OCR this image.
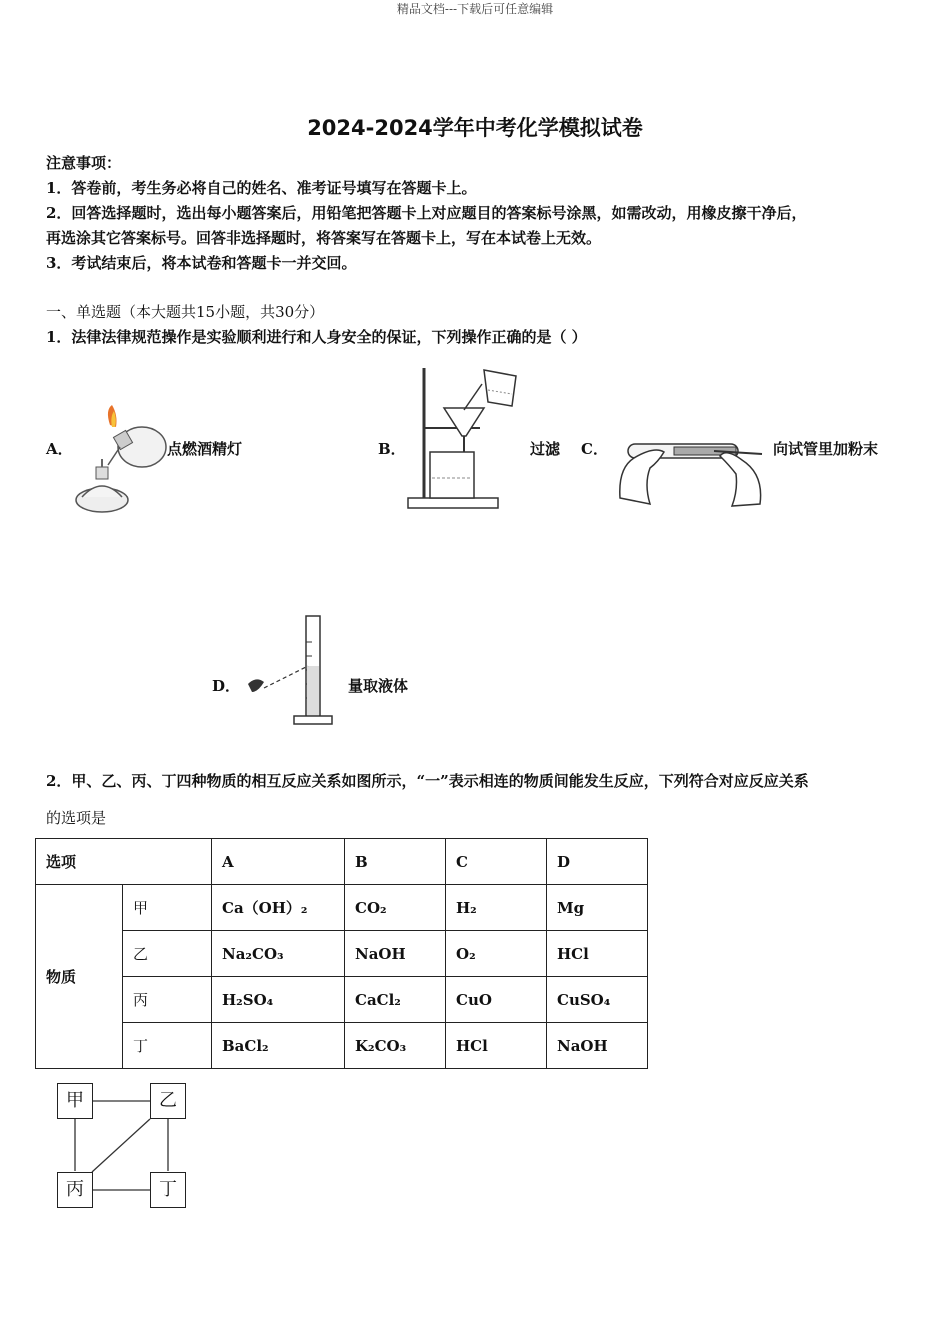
精品文档---下载后可任意编辑
2024-2024学年中考化学模拟试卷
注意事项：
1．答卷前，考生务必将自己的姓名、准考证号填写在答题卡上。
2．回答选择题时，选出每小题答案后，用铅笔把答题卡上对应题目的答案标号涂黑，如需改动，用橡皮擦干净后，
再选涂其它答案标号。回答非选择题时，将答案写在答题卡上，写在本试卷上无效。
3．考试结束后，将本试卷和答题卡一并交回。
一、单选题（本大题共15小题，共30分）
1．法律法律规范操作是实验顺利进行和人身安全的保证，下列操作正确的是（ ）
A．	点燃酒精灯	B．	过滤 C．	向试管里加粉末
D．	量取液体
2．甲、乙、丙、丁四种物质的相互反应关系如图所示，“一”表示相连的物质间能发生反应，下列符合对应反应关系
的选项是
选项		A	B	C	D
物质	甲	Ca（OH）₂	CO₂	H₂	Mg
	乙	Na₂CO₃	NaOH	O₂	HCl
	丙	H₂SO₄	CaCl₂	CuO	CuSO₄
	丁	BaCl₂	K₂CO₃	HCl	NaOH
甲	乙
丙	丁
